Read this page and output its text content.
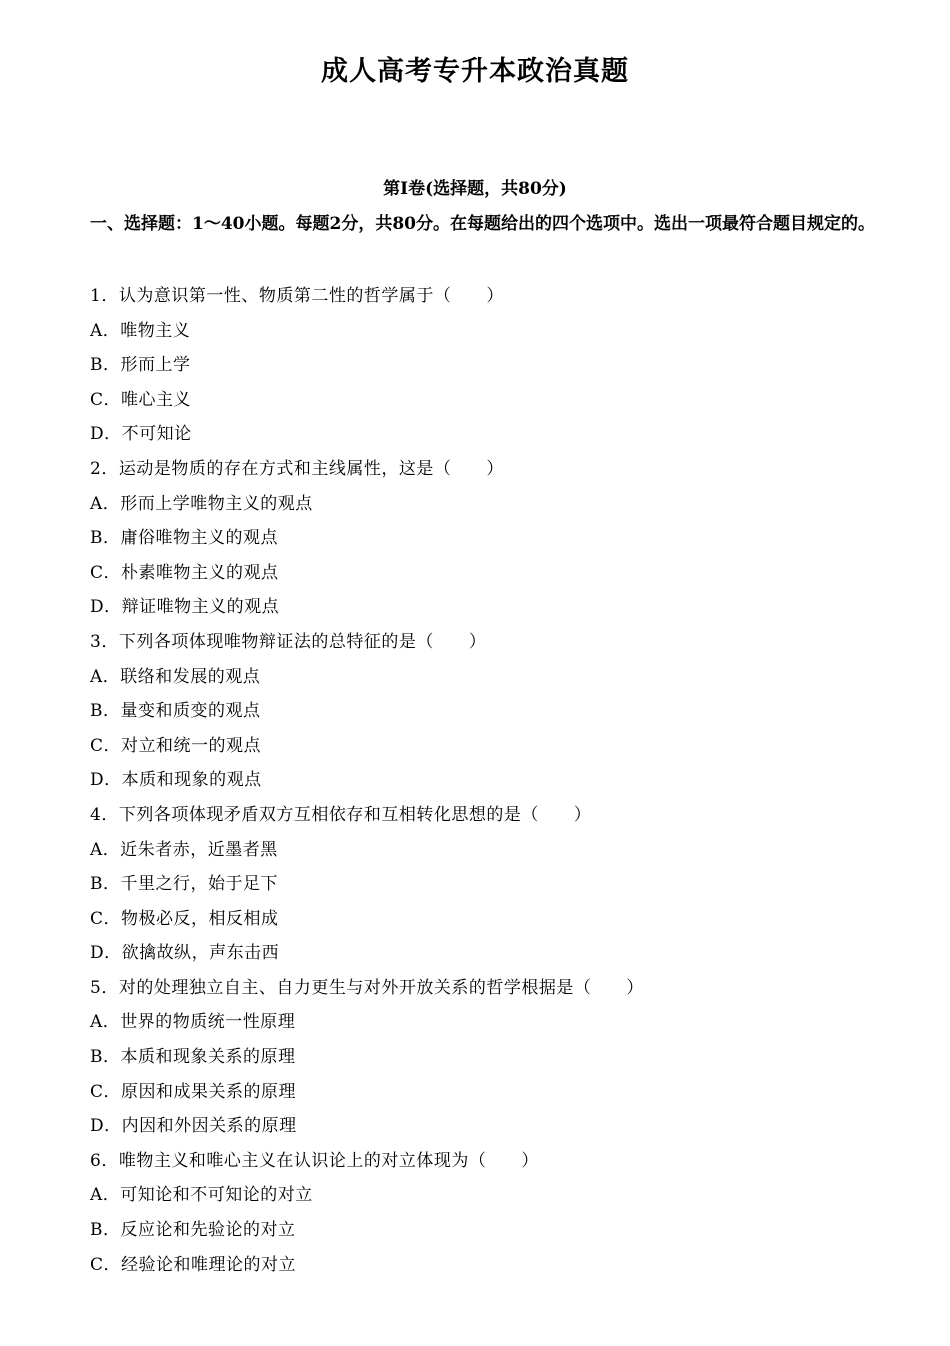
成人高考专升本政治真题
第Ⅰ卷(选择题，共80分)

一、选择题：1～40小题。每题2分，共80分。在每题给出的四个选项中。选出一项最符合题目规定的。

1．认为意识第一性、物质第二性的哲学属于（　　）

A．唯物主义

B．形而上学

C．唯心主义

D．不可知论

2．运动是物质的存在方式和主线属性，这是（　　）

A．形而上学唯物主义的观点

B．庸俗唯物主义的观点

C．朴素唯物主义的观点

D．辩证唯物主义的观点

3．下列各项体现唯物辩证法的总特征的是（　　）

A．联络和发展的观点

B．量变和质变的观点

C．对立和统一的观点

D．本质和现象的观点

4．下列各项体现矛盾双方互相依存和互相转化思想的是（　　）

A．近朱者赤，近墨者黑

B．千里之行，始于足下

C．物极必反，相反相成

D．欲擒故纵，声东击西

5．对的处理独立自主、自力更生与对外开放关系的哲学根据是（　　）

A．世界的物质统一性原理

B．本质和现象关系的原理

C．原因和成果关系的原理

D．内因和外因关系的原理

6．唯物主义和唯心主义在认识论上的对立体现为（　　）

A．可知论和不可知论的对立

B．反应论和先验论的对立

C．经验论和唯理论的对立
